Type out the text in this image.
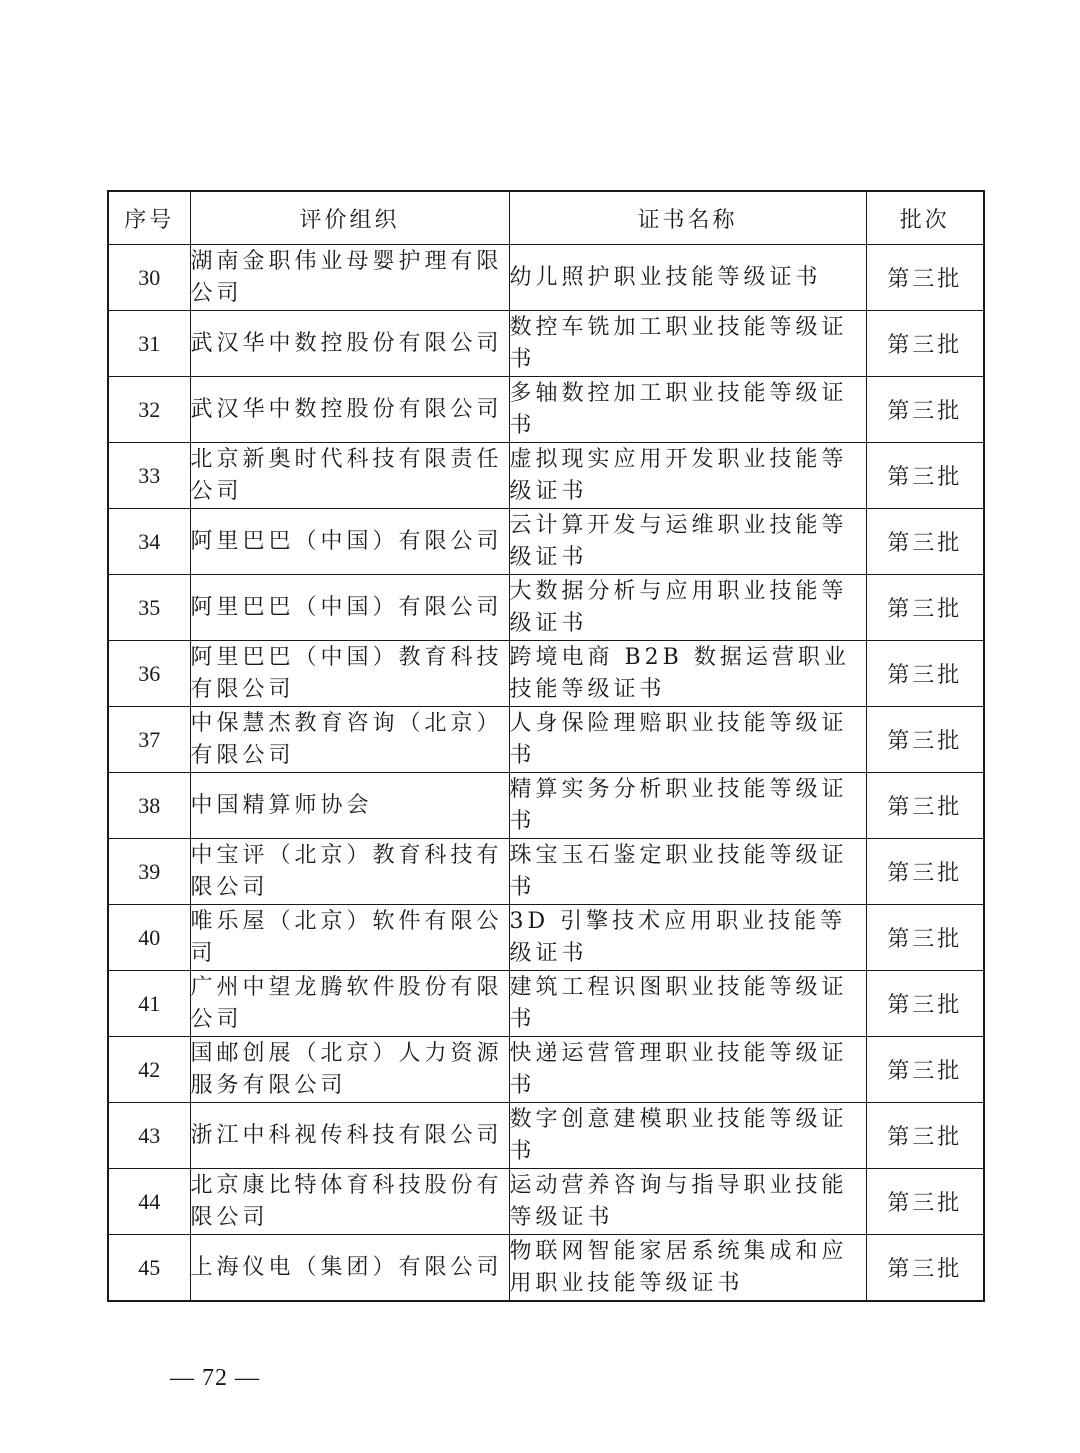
序号	评价组织	证书名称	批次
30	湖南金职伟业母婴护理有限公司	幼儿照护职业技能等级证书	第三批
31	武汉华中数控股份有限公司	数控车铣加工职业技能等级证书	第三批
32	武汉华中数控股份有限公司	多轴数控加工职业技能等级证书	第三批
33	北京新奥时代科技有限责任公司	虚拟现实应用开发职业技能等级证书	第三批
34	阿里巴巴（中国）有限公司	云计算开发与运维职业技能等级证书	第三批
35	阿里巴巴（中国）有限公司	大数据分析与应用职业技能等级证书	第三批
36	阿里巴巴（中国）教育科技有限公司	跨境电商 B2B 数据运营职业技能等级证书	第三批
37	中保慧杰教育咨询（北京）有限公司	人身保险理赔职业技能等级证书	第三批
38	中国精算师协会	精算实务分析职业技能等级证书	第三批
39	中宝评（北京）教育科技有限公司	珠宝玉石鉴定职业技能等级证书	第三批
40	唯乐屋（北京）软件有限公司	3D 引擎技术应用职业技能等级证书	第三批
41	广州中望龙腾软件股份有限公司	建筑工程识图职业技能等级证书	第三批
42	国邮创展（北京）人力资源服务有限公司	快递运营管理职业技能等级证书	第三批
43	浙江中科视传科技有限公司	数字创意建模职业技能等级证书	第三批
44	北京康比特体育科技股份有限公司	运动营养咨询与指导职业技能等级证书	第三批
45	上海仪电（集团）有限公司	物联网智能家居系统集成和应用职业技能等级证书	第三批
— 72 —
